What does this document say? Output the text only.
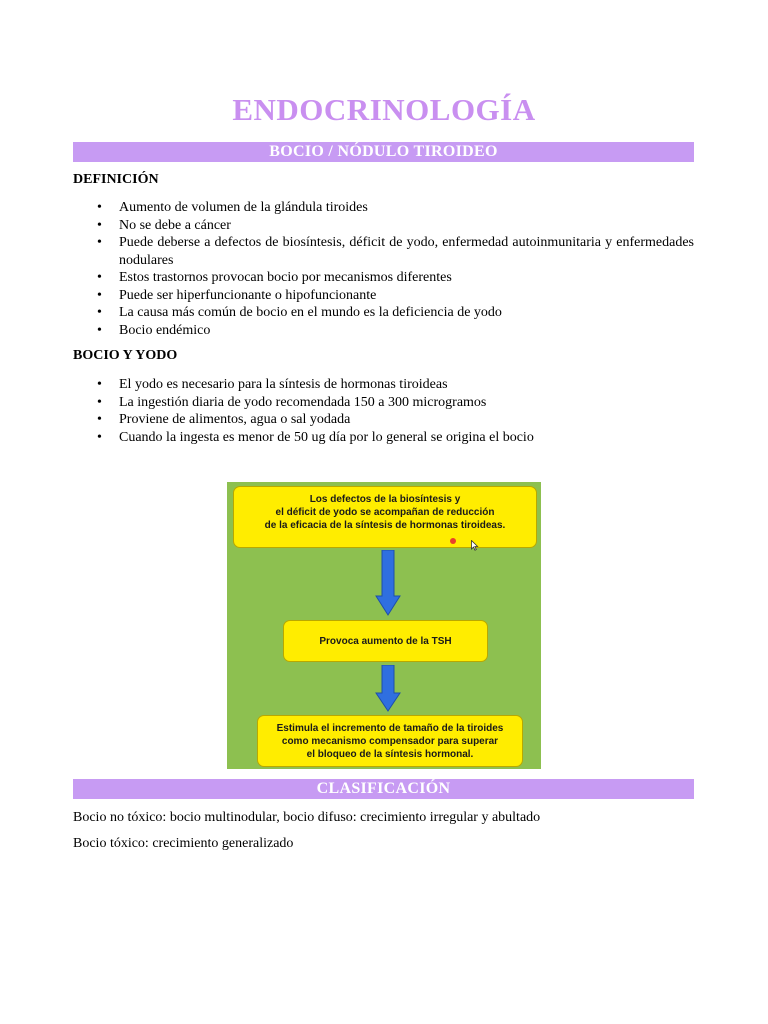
ENDOCRINOLOGÍA
BOCIO / NÓDULO TIROIDEO
DEFINICIÓN
• Aumento de volumen de la glándula tiroides
• No se debe a cáncer
• Puede deberse a defectos de biosíntesis, déficit de yodo, enfermedad autoinmunitaria y enfermedades nodulares
• Estos trastornos provocan bocio por mecanismos diferentes
• Puede ser hiperfuncionante o hipofuncionante
• La causa más común de bocio en el mundo es la deficiencia de yodo
• Bocio endémico
BOCIO Y YODO
• El yodo es necesario para la síntesis de hormonas tiroideas
• La ingestión diaria de yodo recomendada 150 a 300 microgramos
• Proviene de alimentos, agua o sal yodada
• Cuando la ingesta es menor de 50 ug día por lo general se origina el bocio
Los defectos de la biosíntesis y
el déficit de yodo se acompañan de reducción
de la eficacia de la síntesis de hormonas tiroideas.
Provoca aumento de la TSH
Estimula el incremento de tamaño de la tiroides
como mecanismo compensador para superar
el bloqueo de la síntesis hormonal.
CLASIFICACIÓN
Bocio no tóxico: bocio multinodular, bocio difuso: crecimiento irregular y abultado
Bocio tóxico: crecimiento generalizado
